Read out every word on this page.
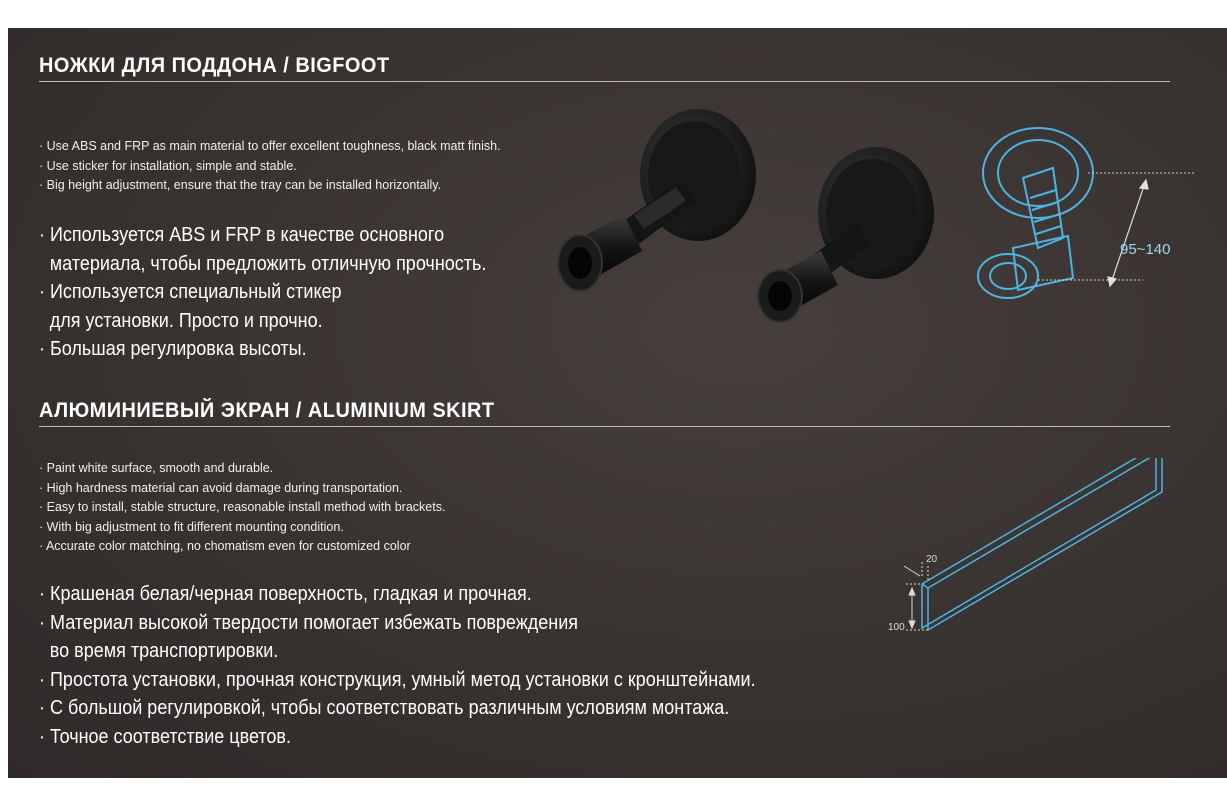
НОЖКИ ДЛЯ ПОДДОНА / BIGFOOT
· Use ABS and FRP as main material to offer excellent toughness, black matt finish.
· Use sticker for installation, simple and stable.
· Big height adjustment, ensure that the tray can be installed horizontally.
· Используется ABS и FRP в качестве основного
материала, чтобы предложить отличную прочность.
· Используется специальный стикер
для установки. Просто и прочно.
· Большая регулировка высоты.
95~140
АЛЮМИНИЕВЫЙ ЭКРАН / ALUMINIUM SKIRT
· Paint white surface, smooth and durable.
· High hardness material can avoid damage during transportation.
· Easy to install, stable structure, reasonable install method with brackets.
· With big adjustment to fit different mounting condition.
· Accurate color matching, no chomatism even for customized color
· Крашеная белая/черная поверхность, гладкая и прочная.
· Материал высокой твердости помогает избежать повреждения
во время транспортировки.
· Простота установки, прочная конструкция, умный метод установки с кронштейнами.
· С большой регулировкой, чтобы соответствовать различным условиям монтажа.
· Точное соответствие цветов.
20
100
